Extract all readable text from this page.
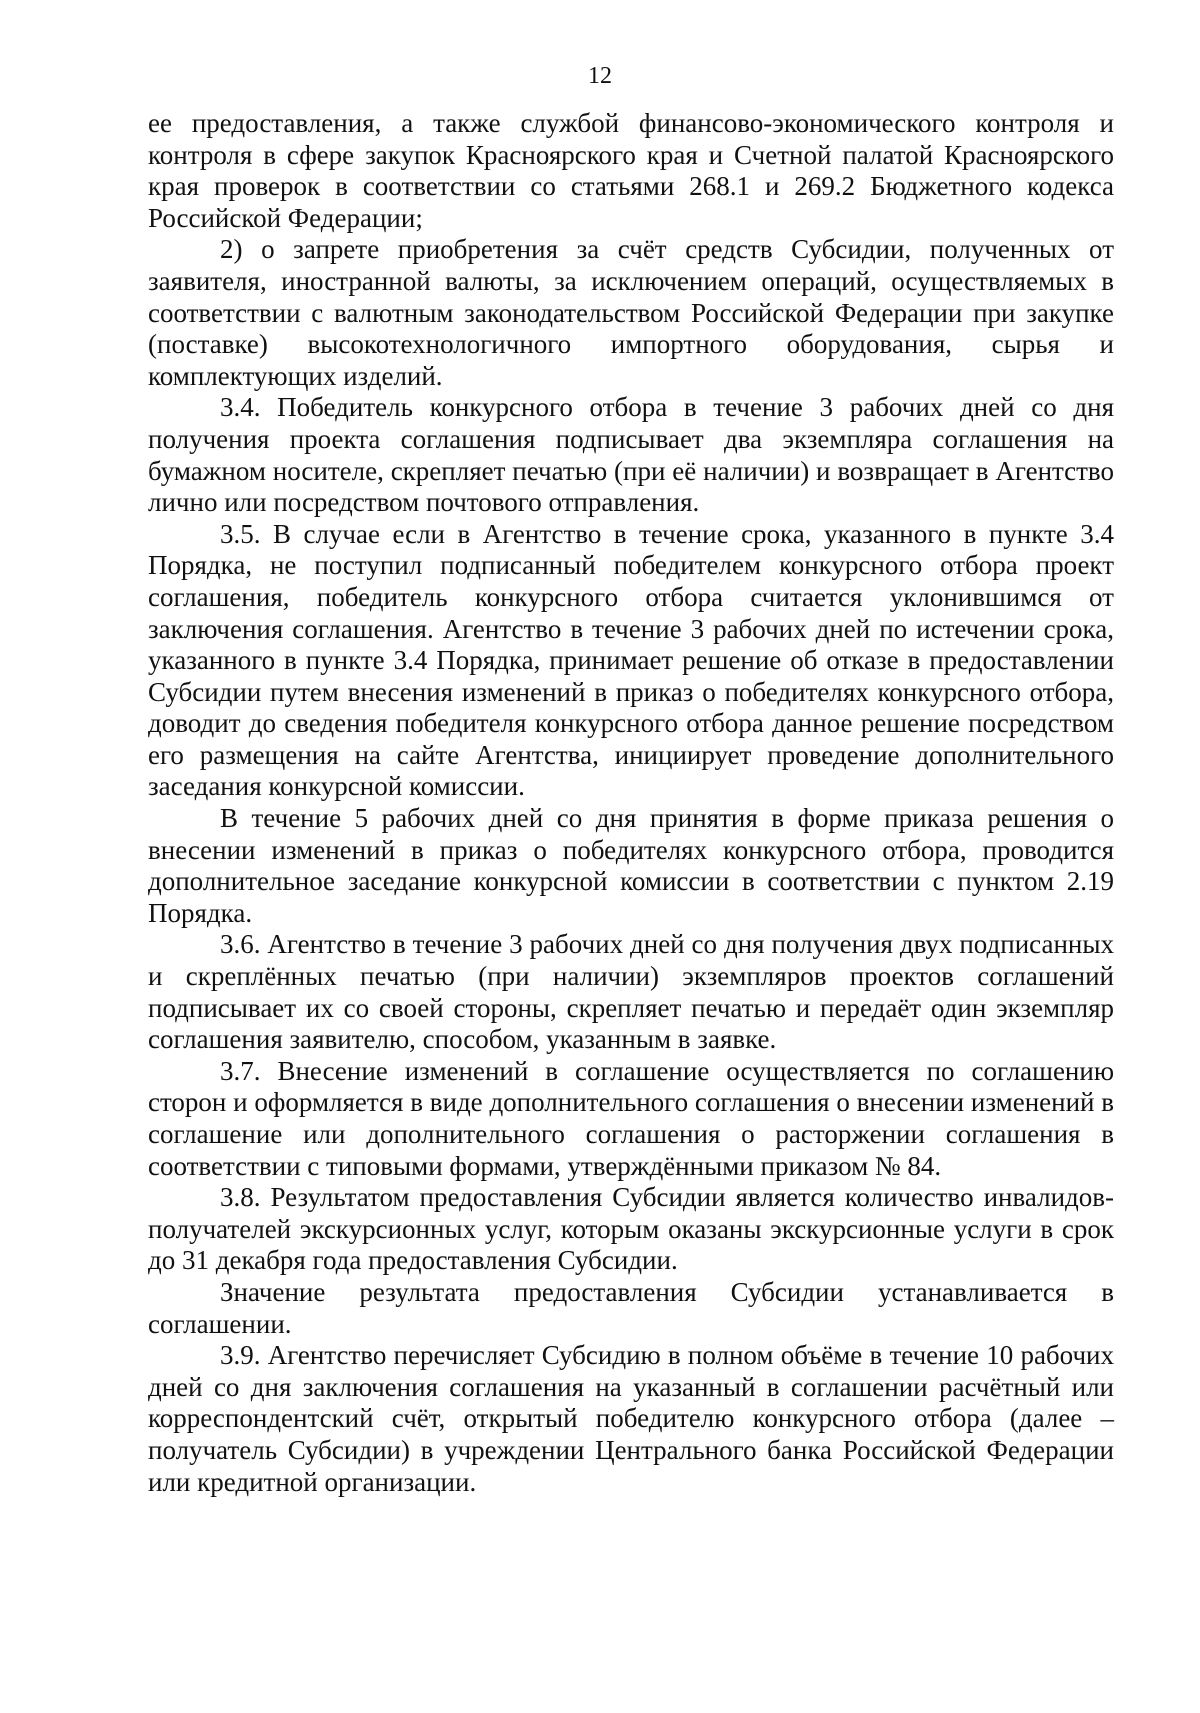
12

ее предоставления, а также службой финансово-экономического контроля и контроля в сфере закупок Красноярского края и Счетной палатой Красноярского края проверок в соответствии со статьями 268.1 и 269.2 Бюджетного кодекса Российской Федерации;

2) о запрете приобретения за счёт средств Субсидии, полученных от заявителя, иностранной валюты, за исключением операций, осуществляемых в соответствии с валютным законодательством Российской Федерации при закупке (поставке) высокотехнологичного импортного оборудования, сырья и комплектующих изделий.

3.4. Победитель конкурсного отбора в течение 3 рабочих дней со дня получения проекта соглашения подписывает два экземпляра соглашения на бумажном носителе, скрепляет печатью (при её наличии) и возвращает в Агентство лично или посредством почтового отправления.

3.5. В случае если в Агентство в течение срока, указанного в пункте 3.4 Порядка, не поступил подписанный победителем конкурсного отбора проект соглашения, победитель конкурсного отбора считается уклонившимся от заключения соглашения. Агентство в течение 3 рабочих дней по истечении срока, указанного в пункте 3.4 Порядка, принимает решение об отказе в предоставлении Субсидии путем внесения изменений в приказ о победителях конкурсного отбора, доводит до сведения победителя конкурсного отбора данное решение посредством его размещения на сайте Агентства, инициирует проведение дополнительного заседания конкурсной комиссии.

В течение 5 рабочих дней со дня принятия в форме приказа решения о внесении изменений в приказ о победителях конкурсного отбора, проводится дополнительное заседание конкурсной комиссии в соответствии с пунктом 2.19 Порядка.

3.6. Агентство в течение 3 рабочих дней со дня получения двух подписанных и скреплённых печатью (при наличии) экземпляров проектов соглашений подписывает их со своей стороны, скрепляет печатью и передаёт один экземпляр соглашения заявителю, способом, указанным в заявке.

3.7. Внесение изменений в соглашение осуществляется по соглашению сторон и оформляется в виде дополнительного соглашения о внесении изменений в соглашение или дополнительного соглашения о расторжении соглашения в соответствии с типовыми формами, утверждёнными приказом № 84.

3.8. Результатом предоставления Субсидии является количество инвалидов-получателей экскурсионных услуг, которым оказаны экскурсионные услуги в срок до 31 декабря года предоставления Субсидии.

Значение результата предоставления Субсидии устанавливается в соглашении.

3.9. Агентство перечисляет Субсидию в полном объёме в течение 10 рабочих дней со дня заключения соглашения на указанный в соглашении расчётный или корреспондентский счёт, открытый победителю конкурсного отбора (далее – получатель Субсидии) в учреждении Центрального банка Российской Федерации или кредитной организации.
